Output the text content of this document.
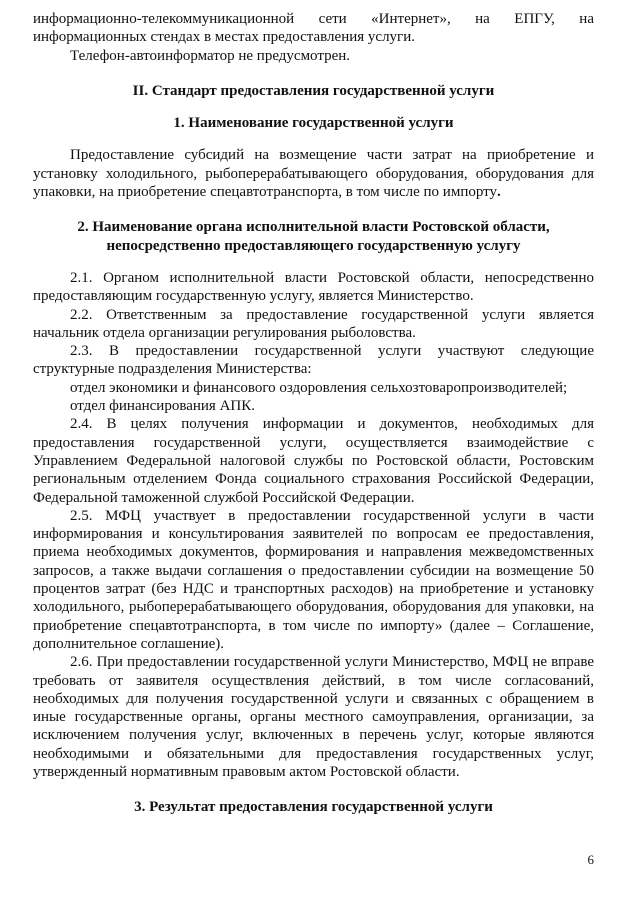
информационно-телекоммуникационной сети «Интернет», на ЕПГУ, на информационных стендах в местах предоставления услуги.

Телефон-автоинформатор не предусмотрен.

II. Стандарт предоставления государственной услуги
1. Наименование государственной услуги

Предоставление субсидий на возмещение части затрат на приобретение и установку холодильного, рыбоперерабатывающего оборудования, оборудования для упаковки, на приобретение спецавтотранспорта, в том числе по импорту.

2. Наименование органа исполнительной власти Ростовской области,
непосредственно предоставляющего государственную услугу

2.1. Органом исполнительной власти Ростовской области, непосредственно предоставляющим государственную услугу, является Министерство.

2.2. Ответственным за предоставление государственной услуги является начальник отдела организации регулирования рыболовства.

2.3. В предоставлении государственной услуги участвуют следующие структурные подразделения Министерства:

отдел экономики и финансового оздоровления сельхозтоваропроизводителей;

отдел финансирования АПК.

2.4. В целях получения информации и документов, необходимых для предоставления государственной услуги, осуществляется взаимодействие с Управлением Федеральной налоговой службы по Ростовской области, Ростовским региональным отделением Фонда социального страхования Российской Федерации, Федеральной таможенной службой Российской Федерации.

2.5. МФЦ участвует в предоставлении государственной услуги в части информирования и консультирования заявителей по вопросам ее предоставления, приема необходимых документов, формирования и направления межведомственных запросов, а также выдачи соглашения о предоставлении субсидии на возмещение 50 процентов затрат (без НДС и транспортных расходов) на приобретение и установку холодильного, рыбоперерабатывающего оборудования, оборудования для упаковки, на приобретение спецавтотранспорта, в том числе по импорту» (далее – Соглашение, дополнительное соглашение).

2.6. При предоставлении государственной услуги Министерство, МФЦ не вправе требовать от заявителя осуществления действий, в том числе согласований, необходимых для получения государственной услуги и связанных с обращением в иные государственные органы, органы местного самоуправления, организации, за исключением получения услуг, включенных в перечень услуг, которые являются необходимыми и обязательными для предоставления государственных услуг, утвержденный нормативным правовым актом Ростовской области.

3. Результат предоставления государственной услуги
6
